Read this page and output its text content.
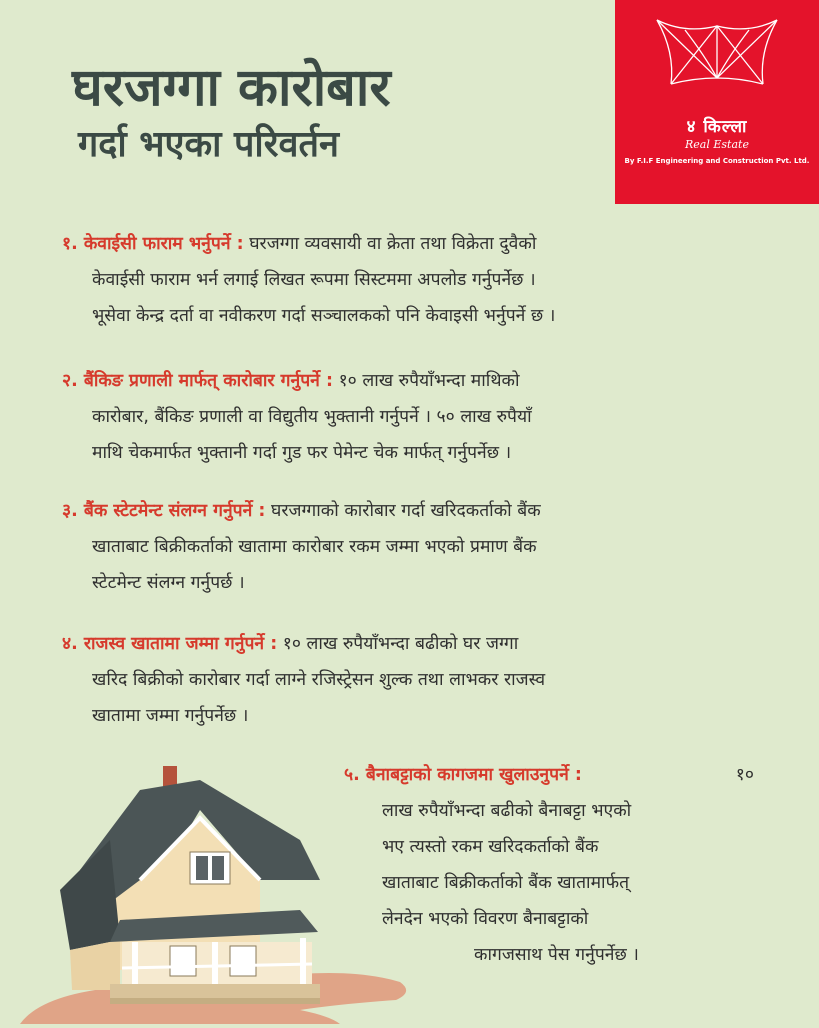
घरजग्गा कारोबार
गर्दा भएका परिवर्तन	४ किल्ला
Real Estate
By F.I.F Engineering and Construction Pvt. Ltd.
१. केवाईसी फाराम भर्नुपर्ने : घरजग्गा व्यवसायी वा क्रेता तथा विक्रेता दुवैको
केवाईसी फाराम भर्न लगाई लिखत रूपमा सिस्टममा अपलोड गर्नुपर्नेछ ।
भूसेवा केन्द्र दर्ता वा नवीकरण गर्दा सञ्चालकको पनि केवाइसी भर्नुपर्ने छ ।
२. बैंकिङ प्रणाली मार्फत् कारोबार गर्नुपर्ने : १० लाख रुपैयाँभन्दा माथिको
कारोबार, बैंकिङ प्रणाली वा विद्युतीय भुक्तानी गर्नुपर्ने । ५० लाख रुपैयाँ
माथि चेकमार्फत भुक्तानी गर्दा गुड फर पेमेन्ट चेक मार्फत् गर्नुपर्नेछ ।
३. बैंक स्टेटमेन्ट संलग्न गर्नुपर्ने : घरजग्गाको कारोबार गर्दा खरिदकर्ताको बैंक
खाताबाट बिक्रीकर्ताको खातामा कारोबार रकम जम्मा भएको प्रमाण बैंक
स्टेटमेन्ट संलग्न गर्नुपर्छ ।
४. राजस्व खातामा जम्मा गर्नुपर्ने : १० लाख रुपैयाँभन्दा बढीको घर जग्गा
खरिद बिक्रीको कारोबार गर्दा लाग्ने रजिस्ट्रेसन शुल्क तथा लाभकर राजस्व
खातामा जम्मा गर्नुपर्नेछ ।
५. बैनाबट्टाको कागजमा खुलाउनुपर्ने :	१०
लाख रुपैयाँभन्दा बढीको बैनाबट्टा भएको
भए त्यस्तो रकम खरिदकर्ताको बैंक
खाताबाट बिक्रीकर्ताको बैंक खातामार्फत्
लेनदेन भएको विवरण बैनाबट्टाको
कागजसाथ पेस गर्नुपर्नेछ ।
